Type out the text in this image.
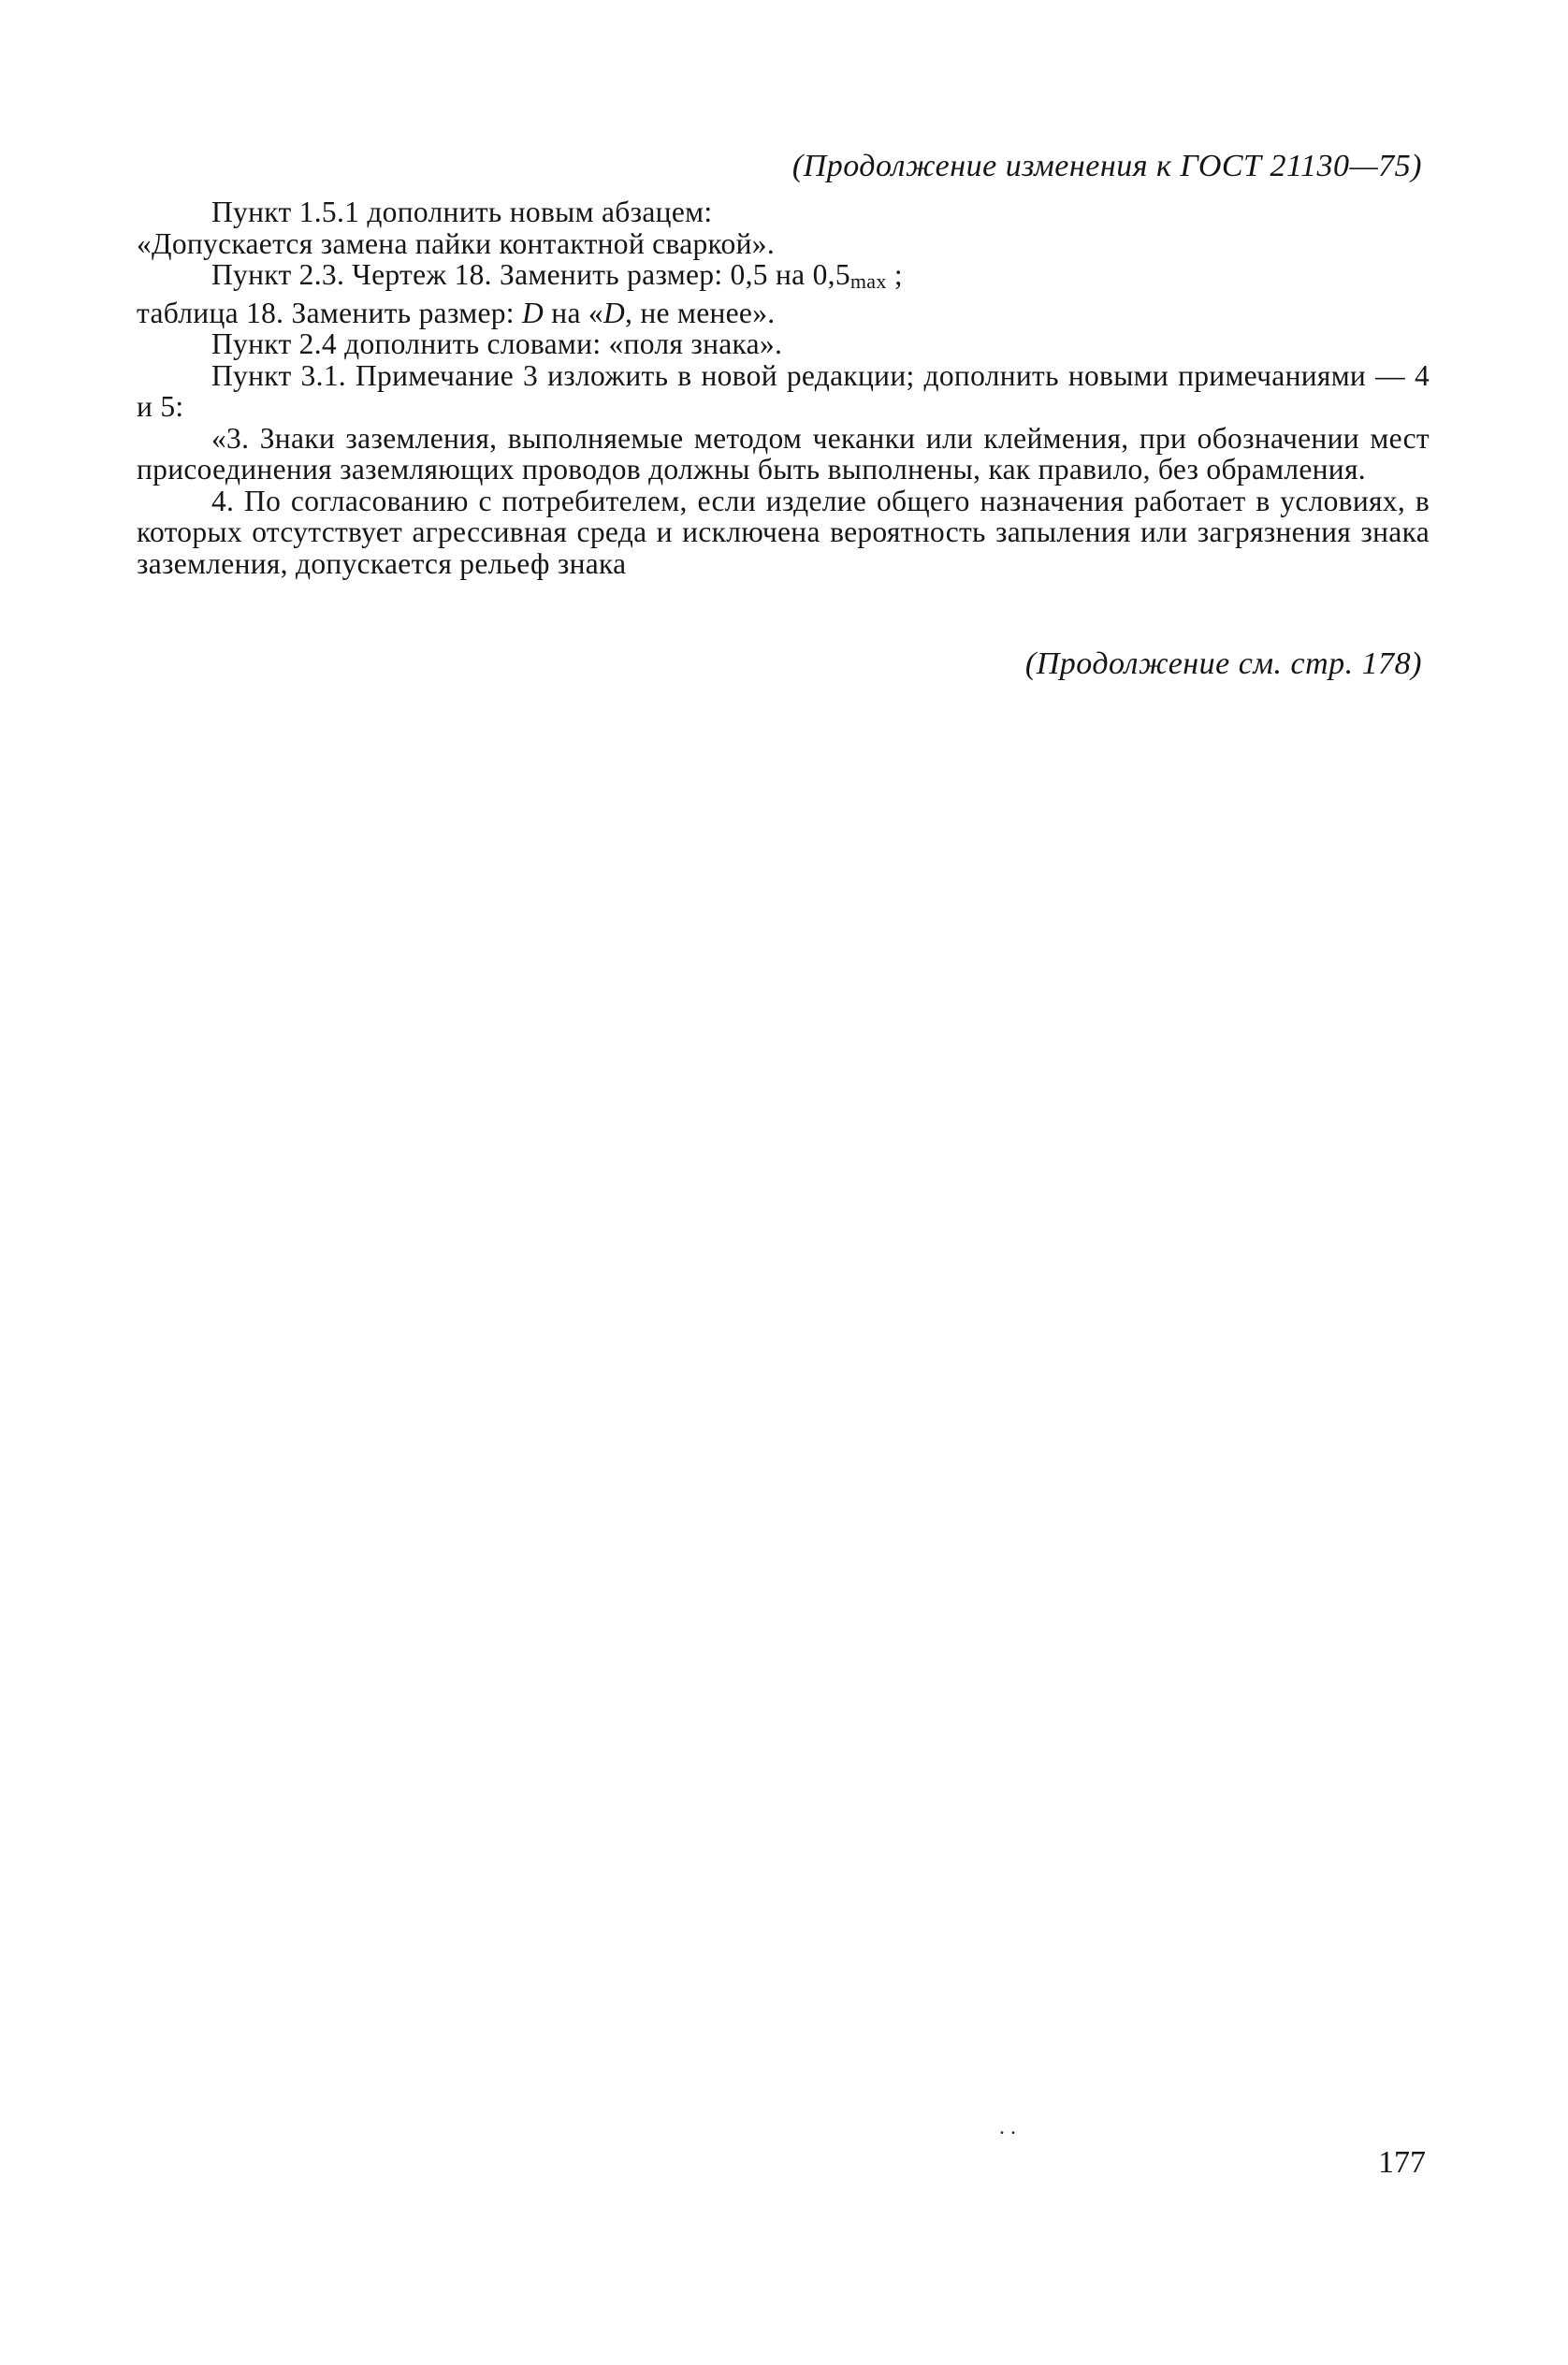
(Продолжение изменения к ГОСТ 21130—75)

Пункт 1.5.1 дополнить новым абзацем:

«Допускается замена пайки контактной сваркой».

Пункт 2.3. Чертеж 18. Заменить размер: 0,5 на $0,5_{max}$ ;

таблица 18. Заменить размер: D на «D, не менее».

Пункт 2.4 дополнить словами: «поля знака».

Пункт 3.1. Примечание 3 изложить в новой редакции; дополнить новыми примечаниями — 4 и 5:

«3. Знаки заземления, выполняемые методом чеканки или клеймения, при обозначении мест присоединения заземляющих проводов должны быть выполнены, как правило, без обрамления.

4. По согласованию с потребителем, если изделие общего назначения работает в условиях, в которых отсутствует агрессивная среда и исключена вероятность запыления или загрязнения знака заземления, допускается рельеф знака

(Продолжение см. стр. 178)
. .
177
